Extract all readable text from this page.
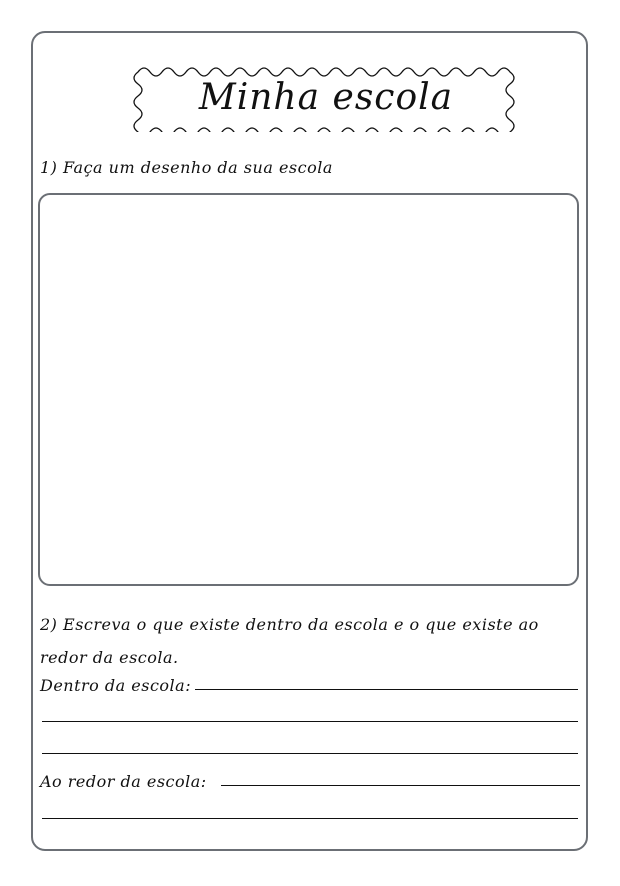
Minha escola
1) Faça um desenho da sua escola
2) Escreva o que existe dentro da escola e o que existe ao redor da escola.
Dentro da escola:
Ao redor da escola:
